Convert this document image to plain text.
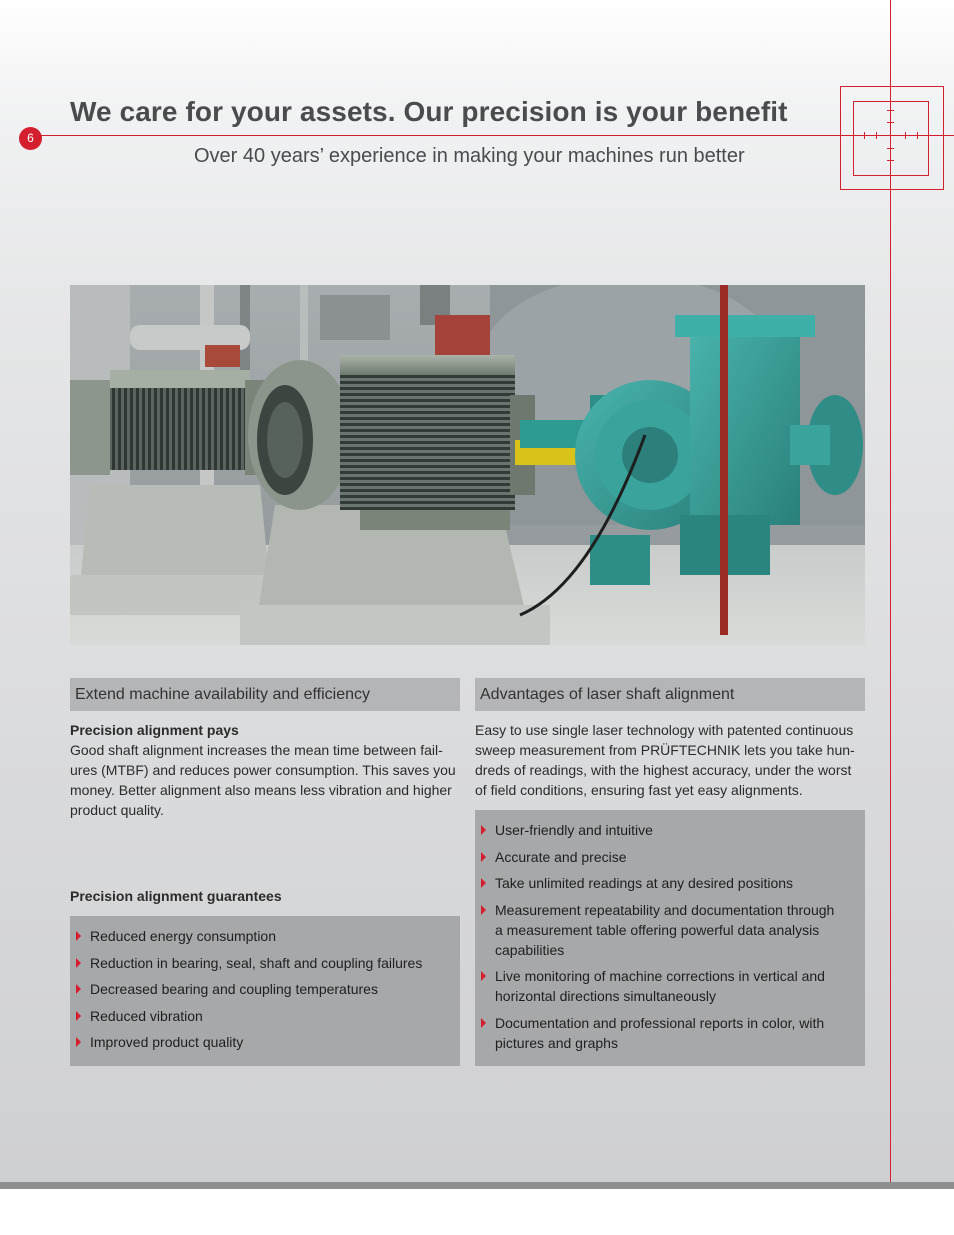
6
We care for your assets. Our precision is your benefit
Over 40 years’ experience in making your machines run better
Extend machine availability and efficiency
Precision alignment pays
Good shaft alignment increases the mean time between fail-
ures (MTBF) and reduces power consumption. This saves you
money. Better alignment also means less vibration and higher
product quality.
Precision alignment guarantees
Reduced energy consumption
Reduction in bearing, seal, shaft and coupling failures
Decreased bearing and coupling temperatures
Reduced vibration
Improved product quality
Advantages of laser shaft alignment
Easy to use single laser technology with patented continuous
sweep measurement from PRÜFTECHNIK lets you take hun-
dreds of readings, with the highest accuracy, under the worst
of field conditions, ensuring fast yet easy alignments.
User-friendly and intuitive
Accurate and precise
Take unlimited readings at any desired positions
Measurement repeatability and documentation through
a measurement table offering powerful data analysis
capabilities
Live monitoring of machine corrections in vertical and
horizontal directions simultaneously
Documentation and professional reports in color, with
pictures and graphs
